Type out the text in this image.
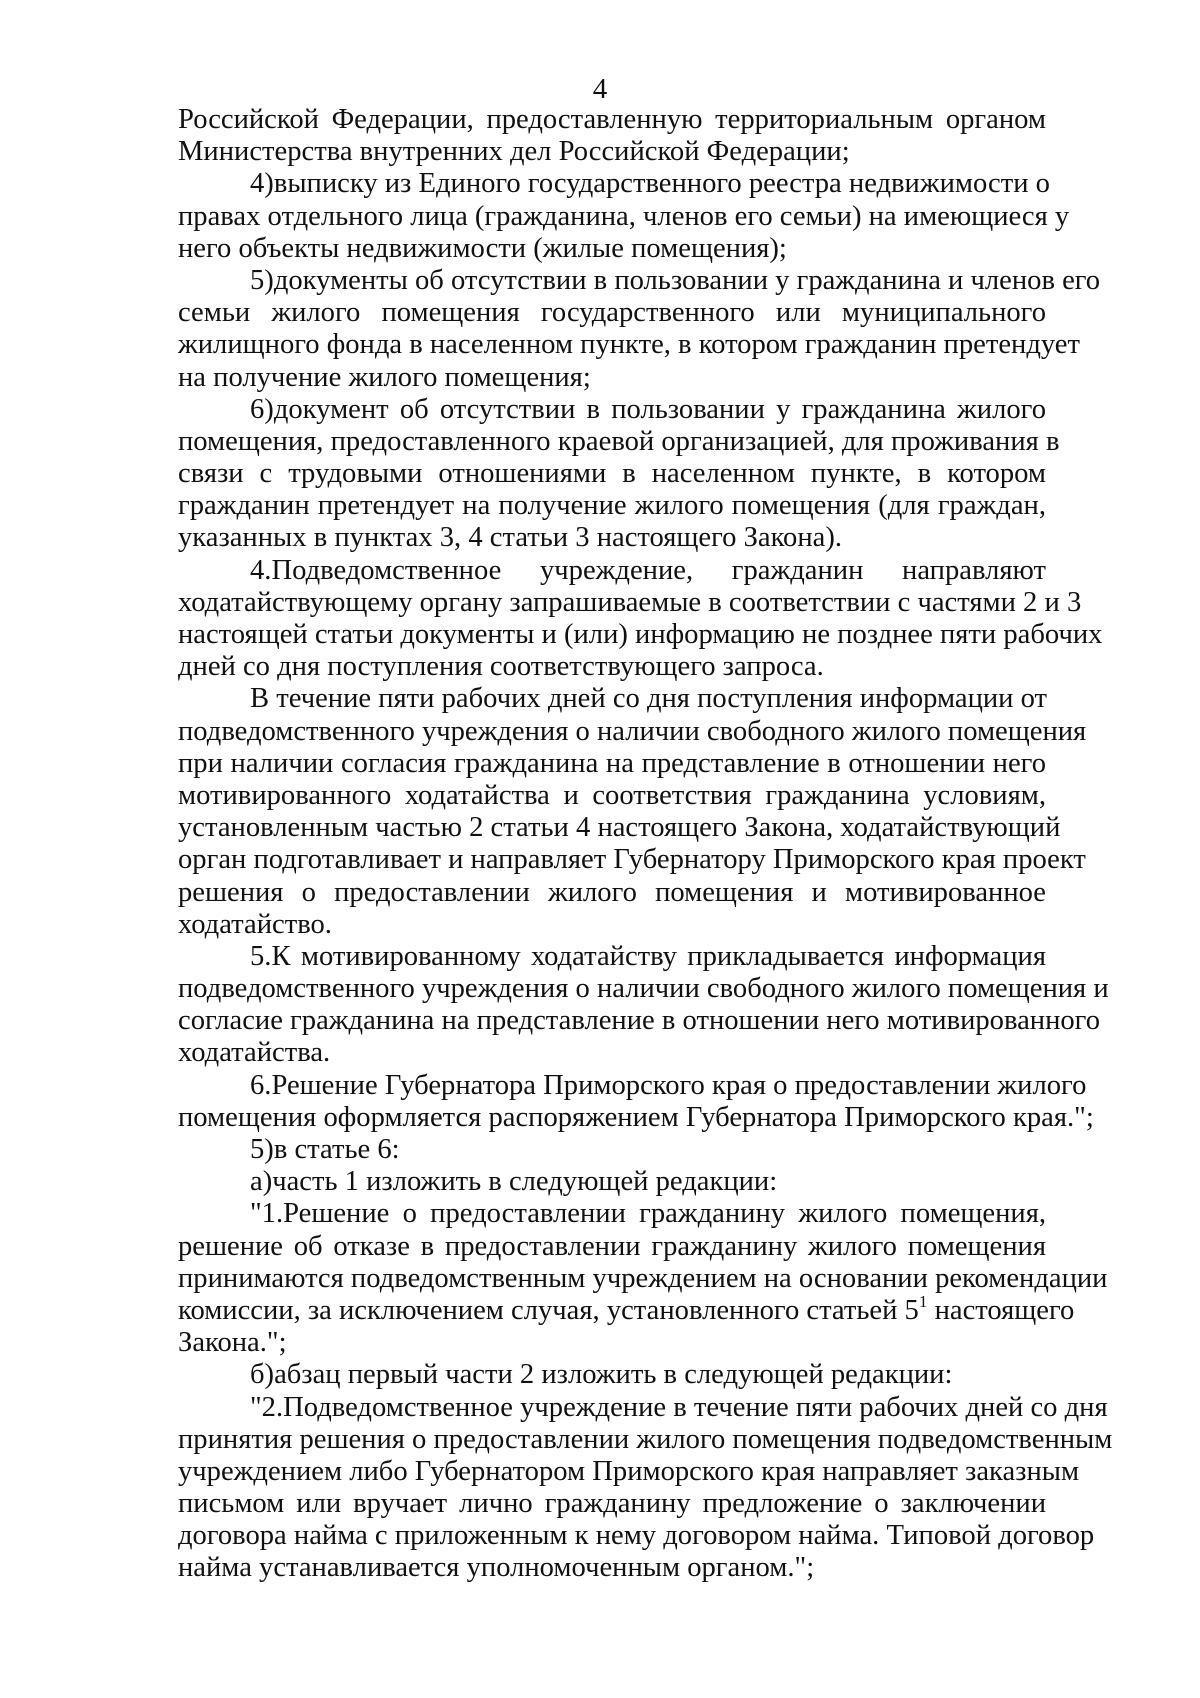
4
Российской Федерации, предоставленную территориальным органом
Министерства внутренних дел Российской Федерации;
4)выписку из Единого государственного реестра недвижимости о
правах отдельного лица (гражданина, членов его семьи) на имеющиеся у
него объекты недвижимости (жилые помещения);
5)документы об отсутствии в пользовании у гражданина и членов его
семьи жилого помещения государственного или муниципального
жилищного фонда в населенном пункте, в котором гражданин претендует
на получение жилого помещения;
6)документ об отсутствии в пользовании у гражданина жилого
помещения, предоставленного краевой организацией, для проживания в
связи с трудовыми отношениями в населенном пункте, в котором
гражданин претендует на получение жилого помещения (для граждан,
указанных в пунктах 3, 4 статьи 3 настоящего Закона).
4.Подведомственное учреждение, гражданин направляют
ходатайствующему органу запрашиваемые в соответствии с частями 2 и 3
настоящей статьи документы и (или) информацию не позднее пяти рабочих
дней со дня поступления соответствующего запроса.
В течение пяти рабочих дней со дня поступления информации от
подведомственного учреждения о наличии свободного жилого помещения
при наличии согласия гражданина на представление в отношении него
мотивированного ходатайства и соответствия гражданина условиям,
установленным частью 2 статьи 4 настоящего Закона, ходатайствующий
орган подготавливает и направляет Губернатору Приморского края проект
решения о предоставлении жилого помещения и мотивированное
ходатайство.
5.К мотивированному ходатайству прикладывается информация
подведомственного учреждения о наличии свободного жилого помещения и
согласие гражданина на представление в отношении него мотивированного
ходатайства.
6.Решение Губернатора Приморского края о предоставлении жилого
помещения оформляется распоряжением Губернатора Приморского края.";
5)в статье 6:
а)часть 1 изложить в следующей редакции:
"1.Решение о предоставлении гражданину жилого помещения,
решение об отказе в предоставлении гражданину жилого помещения
принимаются подведомственным учреждением на основании рекомендации
комиссии, за исключением случая, установленного статьей $5^1$ настоящего
Закона.";
б)абзац первый части 2 изложить в следующей редакции:
"2.Подведомственное учреждение в течение пяти рабочих дней со дня
принятия решения о предоставлении жилого помещения подведомственным
учреждением либо Губернатором Приморского края направляет заказным
письмом или вручает лично гражданину предложение о заключении
договора найма с приложенным к нему договором найма. Типовой договор
найма устанавливается уполномоченным органом.";
